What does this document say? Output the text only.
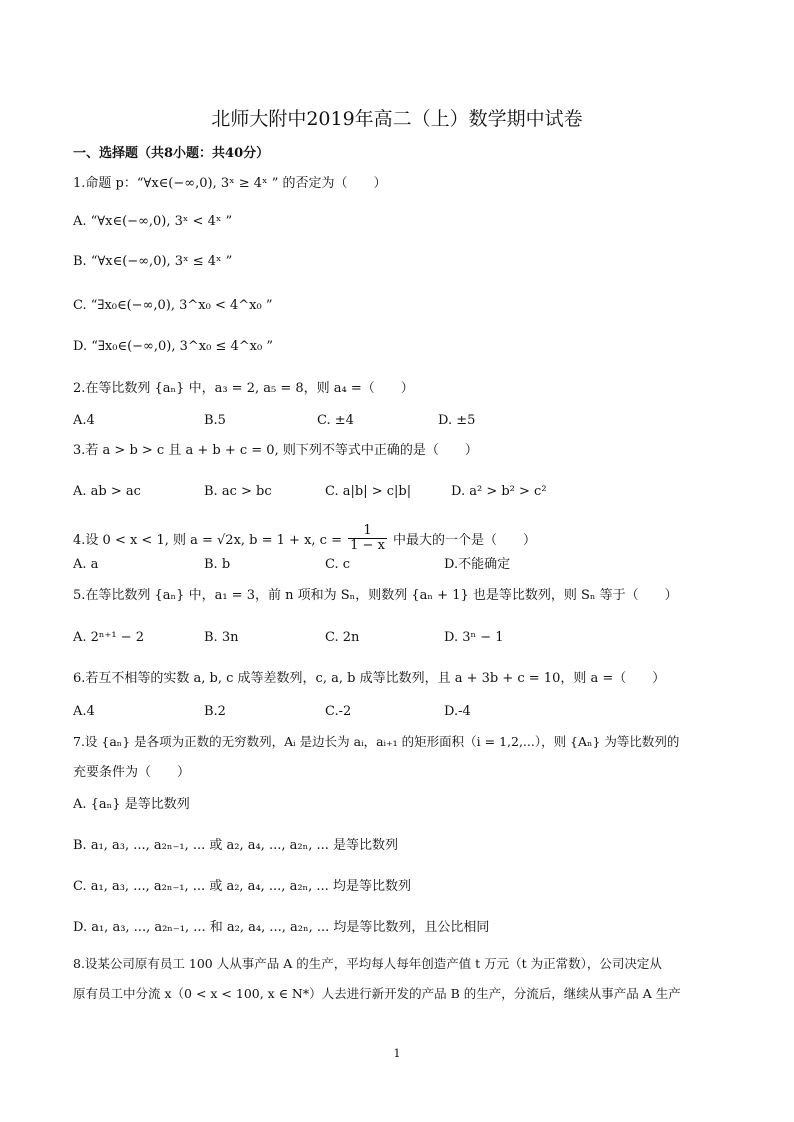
北师大附中2019年高二（上）数学期中试卷
一、选择题（共8小题：共40分）
1.命题 p：“∀x∈(−∞,0), 3ˣ ≥ 4ˣ ” 的否定为（　　）
A. “∀x∈(−∞,0), 3ˣ < 4ˣ ”
B. “∀x∈(−∞,0), 3ˣ ≤ 4ˣ ”
C. “∃x₀∈(−∞,0), 3^x₀ < 4^x₀ ”
D. “∃x₀∈(−∞,0), 3^x₀ ≤ 4^x₀ ”
2.在等比数列 {aₙ} 中，a₃ = 2, a₅ = 8，则 a₄ =（　　）
A.4	B.5	C. ±4	D. ±5
3.若 a > b > c 且 a + b + c = 0, 则下列不等式中正确的是（　　）
A. ab > ac	B. ac > bc	C. a|b| > c|b|	D. a² > b² > c²
4.设 0 < x < 1, 则 a = √2x, b = 1 + x, $c = \frac{1}{1 - x}$ 中最大的一个是（　　）
A. a	B. b	C. c	D.不能确定
5.在等比数列 {aₙ} 中，a₁ = 3，前 n 项和为 Sₙ，则数列 {aₙ + 1} 也是等比数列，则 Sₙ 等于（　　）
A. 2ⁿ⁺¹ − 2	B. 3n	C. 2n	D. 3ⁿ − 1
6.若互不相等的实数 a, b, c 成等差数列，c, a, b 成等比数列，且 a + 3b + c = 10，则 a =（　　）
A.4	B.2	C.-2	D.-4
7.设 {aₙ} 是各项为正数的无穷数列，Aᵢ 是边长为 aᵢ，aᵢ₊₁ 的矩形面积（i = 1,2,...），则 {Aₙ} 为等比数列的
充要条件为（　　）
A. {aₙ} 是等比数列
B. a₁, a₃, ..., a₂ₙ₋₁, ... 或 a₂, a₄, ..., a₂ₙ, ... 是等比数列
C. a₁, a₃, ..., a₂ₙ₋₁, ... 或 a₂, a₄, ..., a₂ₙ, ... 均是等比数列
D. a₁, a₃, ..., a₂ₙ₋₁, ... 和 a₂, a₄, ..., a₂ₙ, ... 均是等比数列，且公比相同
8.设某公司原有员工 100 人从事产品 A 的生产，平均每人每年创造产值 t 万元（t 为正常数），公司决定从
原有员工中分流 x（0 < x < 100, x ∈ N*）人去进行新开发的产品 B 的生产，分流后，继续从事产品 A 生产
1
